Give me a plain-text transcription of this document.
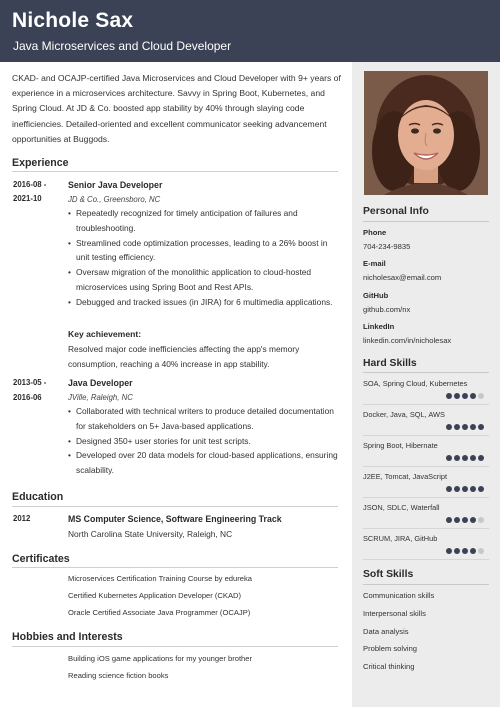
Nichole Sax
Java Microservices and Cloud Developer
CKAD- and OCAJP-certified Java Microservices and Cloud Developer with 9+ years of experience in a microservices architecture. Savvy in Spring Boot, Kubernetes, and Spring Cloud. At JD & Co. boosted app stability by 40% through slaying code inefficiencies. Detailed-oriented and excellent communicator seeking advancement opportunities at Buggods.
Experience
2016-08 -
2021-10
Senior Java Developer
JD & Co., Greensboro, NC
• Repeatedly recognized for timely anticipation of failures and troubleshooting.
• Streamlined code optimization processes, leading to a 26% boost in unit testing efficiency.
• Oversaw migration of the monolithic application to cloud-hosted microservices using Spring Boot and Rest APIs.
• Debugged and tracked issues (in JIRA) for 6 multimedia applications.
Key achievement:
Resolved major code inefficiencies affecting the app's memory consumption, reaching a 40% increase in app stability.
2013-05 -
2016-06
Java Developer
JVille, Raleigh, NC
• Collaborated with technical writers to produce detailed documentation for stakeholders on 5+ Java-based applications.
• Designed 350+ user stories for unit test scripts.
• Developed over 20 data models for cloud-based applications, ensuring scalability.
Education
2012	MS Computer Science, Software Engineering Track
North Carolina State University, Raleigh, NC
Certificates
Microservices Certification Training Course by edureka
Certified Kubernetes Application Developer (CKAD)
Oracle Certified Associate Java Programmer (OCAJP)
Hobbies and Interests
Building iOS game applications for my younger brother
Reading science fiction books
Personal Info
Phone
704-234-9835
E-mail
nicholesax@email.com
GitHub
github.com/nx
LinkedIn
linkedin.com/in/nicholesax
Hard Skills
SOA, Spring Cloud, Kubernetes
Docker, Java, SQL, AWS
Spring Boot, Hibernate
J2EE, Tomcat, JavaScript
JSON, SDLC, Waterfall
SCRUM, JIRA, GitHub
Soft Skills
Communication skills
Interpersonal skills
Data analysis
Problem solving
Critical thinking
